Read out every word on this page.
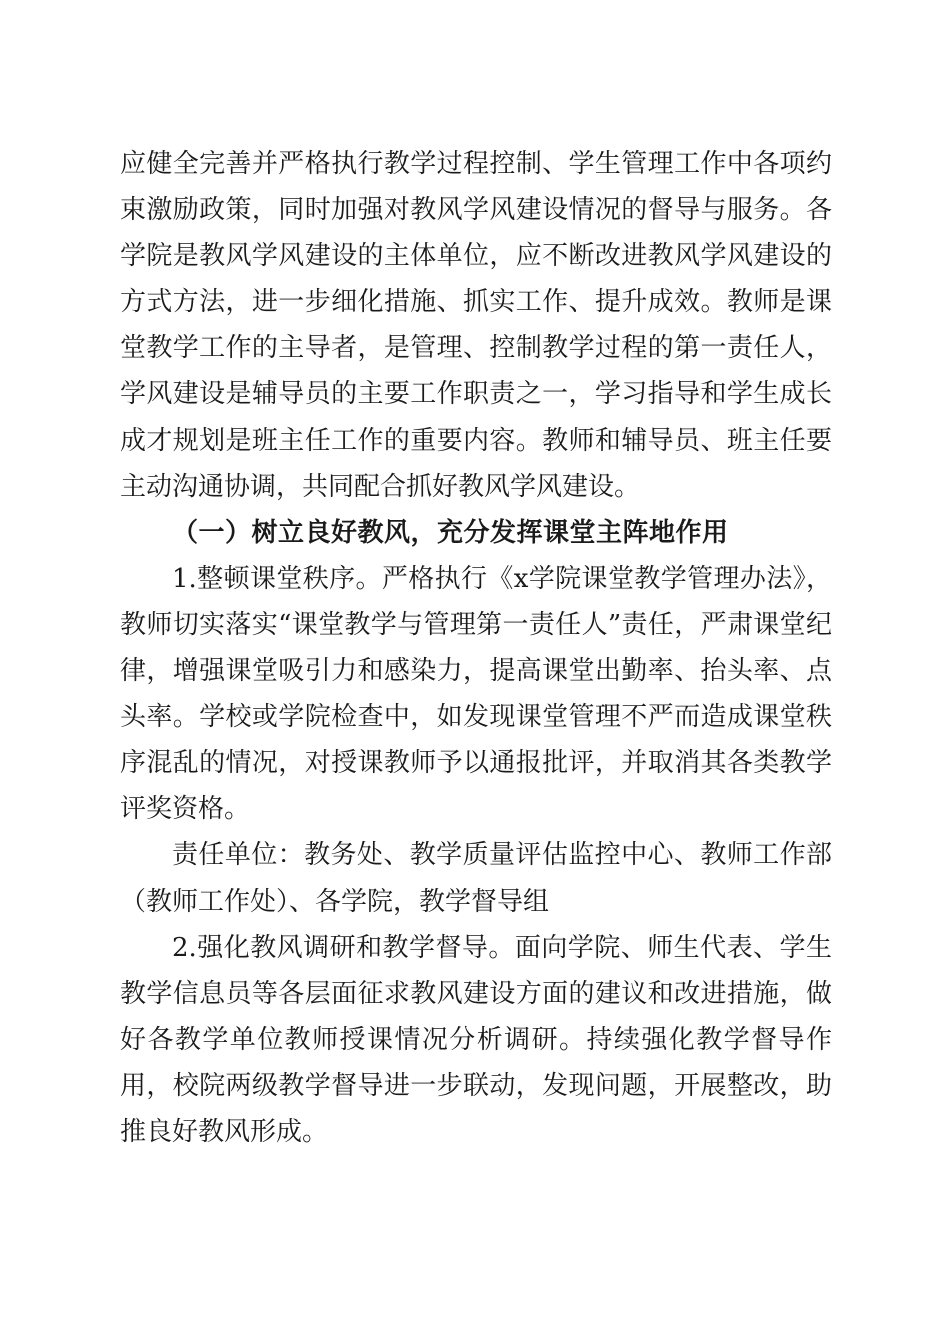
应健全完善并严格执行教学过程控制、学生管理工作中各项约束激励政策，同时加强对教风学风建设情况的督导与服务。各学院是教风学风建设的主体单位，应不断改进教风学风建设的方式方法，进一步细化措施、抓实工作、提升成效。教师是课堂教学工作的主导者，是管理、控制教学过程的第一责任人，学风建设是辅导员的主要工作职责之一，学习指导和学生成长成才规划是班主任工作的重要内容。教师和辅导员、班主任要主动沟通协调，共同配合抓好教风学风建设。

（一）树立良好教风，充分发挥课堂主阵地作用

1.整顿课堂秩序。严格执行《x学院课堂教学管理办法》，教师切实落实“课堂教学与管理第一责任人”责任，严肃课堂纪律，增强课堂吸引力和感染力，提高课堂出勤率、抬头率、点头率。学校或学院检查中，如发现课堂管理不严而造成课堂秩序混乱的情况，对授课教师予以通报批评，并取消其各类教学评奖资格。

责任单位：教务处、教学质量评估监控中心、教师工作部（教师工作处）、各学院，教学督导组

2.强化教风调研和教学督导。面向学院、师生代表、学生教学信息员等各层面征求教风建设方面的建议和改进措施，做好各教学单位教师授课情况分析调研。持续强化教学督导作用，校院两级教学督导进一步联动，发现问题，开展整改，助推良好教风形成。
